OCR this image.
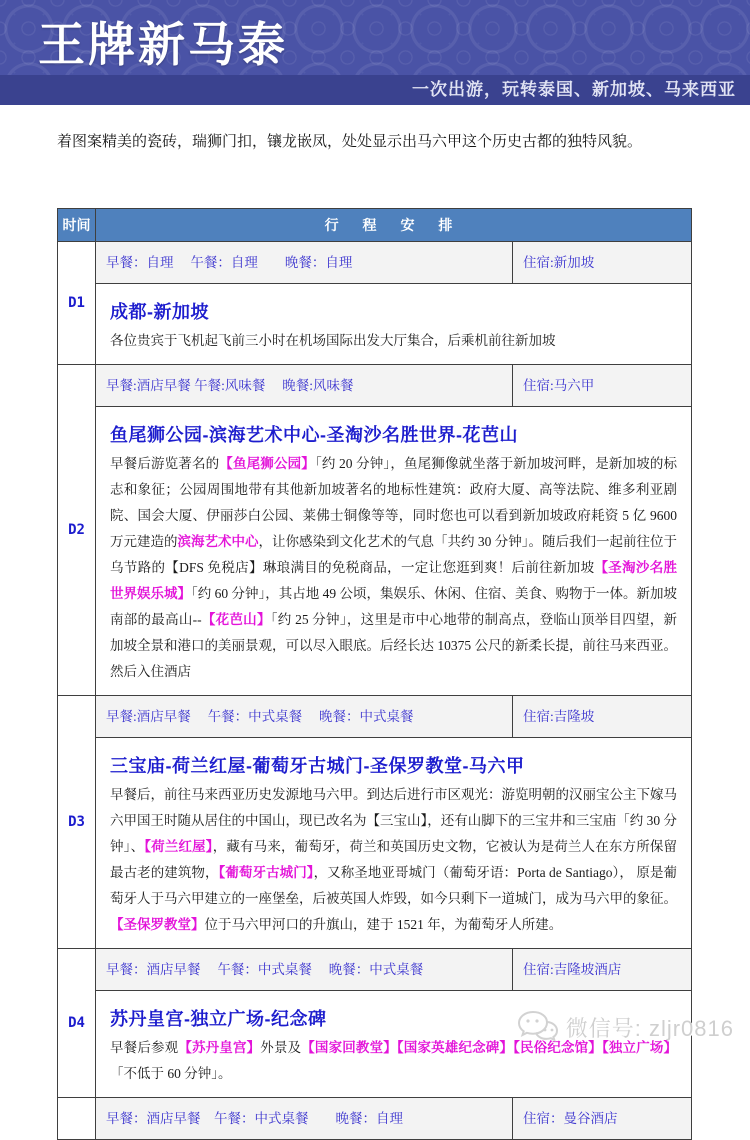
王牌新马泰
一次出游，玩转泰国、新加坡、马来西亚

着图案精美的瓷砖，瑞狮门扣，镶龙嵌凤，处处显示出马六甲这个历史古都的独特风貌。

时间	行 程 安 排	
D1	早餐：自理　 午餐：自理　　晚餐：自理	住宿:新加坡

	成都-新加坡
各位贵宾于飞机起飞前三小时在机场国际出发大厅集合，后乘机前往新加坡	

D2	早餐:酒店早餐 午餐:风味餐　 晚餐:风味餐	住宿:马六甲

	鱼尾狮公园-滨海艺术中心-圣淘沙名胜世界-花芭山
早餐后游览著名的【鱼尾狮公园】「约 20 分钟」，鱼尾狮像就坐落于新加坡河畔，是新加坡的标志和象征；公园周围地带有其他新加坡著名的地标性建筑：政府大厦、高等法院、维多利亚剧院、国会大厦、伊丽莎白公园、莱佛士铜像等等，同时您也可以看到新加坡政府耗资 5 亿 9600 万元建造的滨海艺术中心，让你感染到文化艺术的气息「共约 30 分钟」。随后我们一起前往位于乌节路的【DFS 免税店】琳琅满目的免税商品，一定让您逛到爽！后前往新加坡【圣淘沙名胜世界娱乐城】「约 60 分钟」，其占地 49 公顷，集娱乐、休闲、住宿、美食、购物于一体。新加坡南部的最高山--【花芭山】「约 25 分钟」，这里是市中心地带的制高点，登临山顶举目四望，新加坡全景和港口的美丽景观，可以尽入眼底。后经长达 10375 公尺的新柔长提，前往马来西亚。然后入住酒店	

D3	早餐:酒店早餐　 午餐：中式桌餐　 晚餐：中式桌餐	住宿:吉隆坡

	三宝庙-荷兰红屋-葡萄牙古城门-圣保罗教堂-马六甲
早餐后，前往马来西亚历史发源地马六甲。到达后进行市区观光：游览明朝的汉丽宝公主下嫁马六甲国王时随从居住的中国山，现已改名为【三宝山】，还有山脚下的三宝井和三宝庙「约 30 分钟」、【荷兰红屋】，藏有马来，葡萄牙，荷兰和英国历史文物，它被认为是荷兰人在东方所保留最古老的建筑物，【葡萄牙古城门】，又称圣地亚哥城门（葡萄牙语：Porta de Santiago）， 原是葡萄牙人于马六甲建立的一座堡垒，后被英国人炸毁，如今只剩下一道城门，成为马六甲的象征。【圣保罗教堂】位于马六甲河口的升旗山，建于 1521 年，为葡萄牙人所建。	

D4	早餐：酒店早餐　 午餐：中式桌餐　 晚餐：中式桌餐	住宿:吉隆坡酒店

	苏丹皇宫-独立广场-纪念碑
早餐后参观【苏丹皇宫】外景及【国家回教堂】【国家英雄纪念碑】【民俗纪念馆】【独立广场】「不低于 60 分钟」。	

	早餐：酒店早餐　午餐：中式桌餐　　晚餐：自理	住宿：曼谷酒店
微信号: zljr0816
